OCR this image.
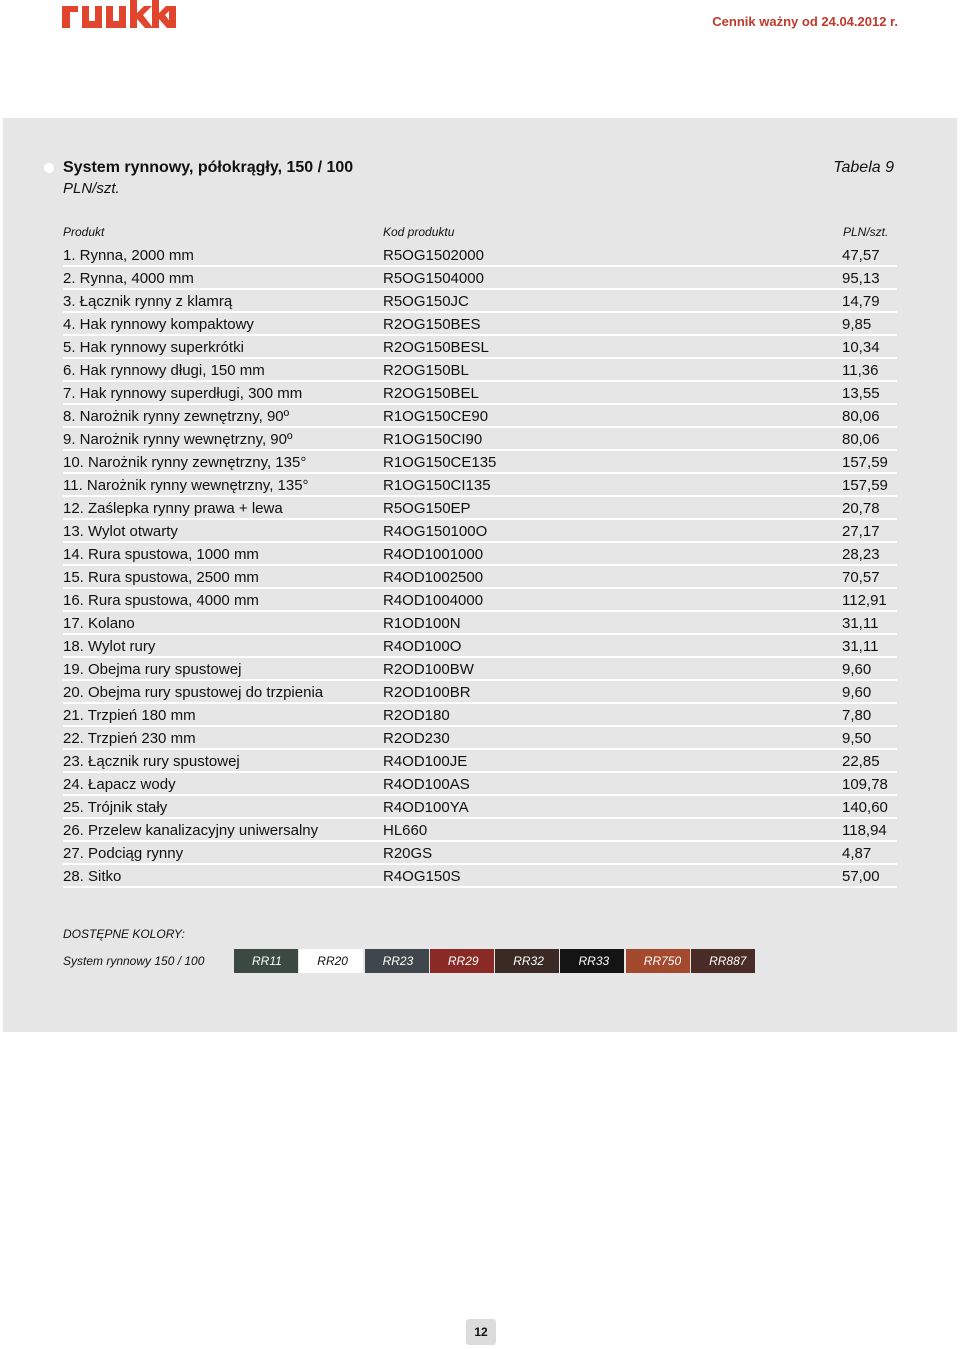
Cennik ważny od 24.04.2012 r.
System rynnowy, półokrągły, 150 / 100
PLN/szt.
Tabela 9
Produkt	Kod produktu	PLN/szt.
1. Rynna, 2000 mm	R5OG1502000	47,57
2. Rynna, 4000 mm	R5OG1504000	95,13
3. Łącznik rynny z klamrą	R5OG150JC	14,79
4. Hak rynnowy kompaktowy	R2OG150BES	9,85
5. Hak rynnowy superkrótki	R2OG150BESL	10,34
6. Hak rynnowy długi, 150 mm	R2OG150BL	11,36
7. Hak rynnowy superdługi, 300 mm	R2OG150BEL	13,55
8. Narożnik rynny zewnętrzny, 90º	R1OG150CE90	80,06
9. Narożnik rynny wewnętrzny, 90º	R1OG150CI90	80,06
10. Narożnik rynny zewnętrzny, 135°	R1OG150CE135	157,59
11. Narożnik rynny wewnętrzny, 135°	R1OG150CI135	157,59
12. Zaślepka rynny prawa + lewa	R5OG150EP	20,78
13. Wylot otwarty	R4OG150100O	27,17
14. Rura spustowa, 1000 mm	R4OD1001000	28,23
15. Rura spustowa, 2500 mm	R4OD1002500	70,57
16. Rura spustowa, 4000 mm	R4OD1004000	112,91
17. Kolano	R1OD100N	31,11
18. Wylot rury	R4OD100O	31,11
19. Obejma rury spustowej	R2OD100BW	9,60
20. Obejma rury spustowej do trzpienia	R2OD100BR	9,60
21. Trzpień 180 mm	R2OD180	7,80
22. Trzpień 230 mm	R2OD230	9,50
23. Łącznik rury spustowej	R4OD100JE	22,85
24. Łapacz wody	R4OD100AS	109,78
25. Trójnik stały	R4OD100YA	140,60
26. Przelew kanalizacyjny uniwersalny	HL660	118,94
27. Podciąg rynny	R20GS	4,87
28. Sitko	R4OG150S	57,00
DOSTĘPNE KOLORY:
System rynnowy 150 / 100	RR11	RR20	RR23	RR29	RR32	RR33	RR750	RR887
12
